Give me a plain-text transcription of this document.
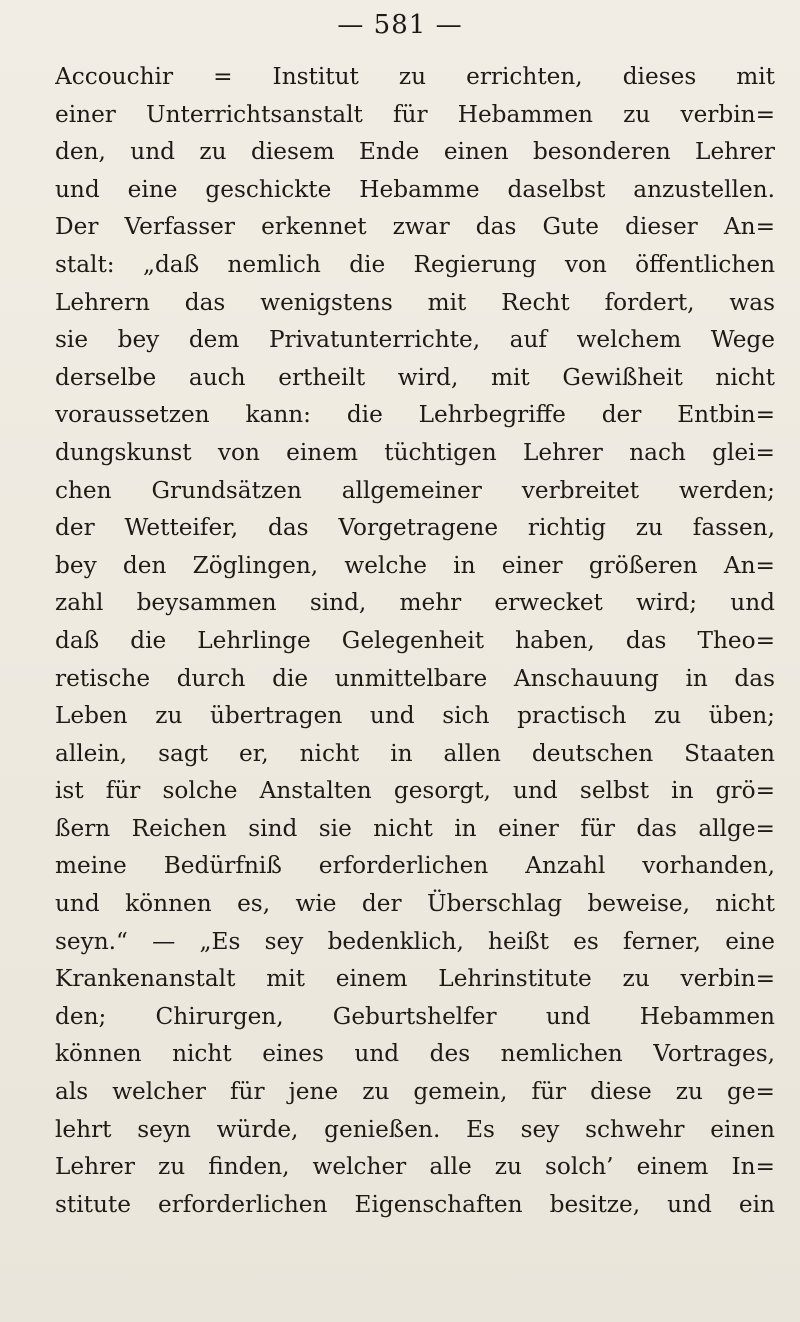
— 581 —
Accouchir = Institut zu errichten, dieses mit
einer Unterrichtsanstalt für Hebammen zu verbin=
den, und zu diesem Ende einen besonderen Lehrer
und eine geschickte Hebamme daselbst anzustellen.
Der Verfasser erkennet zwar das Gute dieser An=
stalt: „daß nemlich die Regierung von öffentlichen
Lehrern das wenigstens mit Recht fordert, was
sie bey dem Privatunterrichte, auf welchem Wege
derselbe auch ertheilt wird, mit Gewißheit nicht
voraussetzen kann: die Lehrbegriffe der Entbin=
dungskunst von einem tüchtigen Lehrer nach glei=
chen Grundsätzen allgemeiner verbreitet werden;
der Wetteifer, das Vorgetragene richtig zu fassen,
bey den Zöglingen, welche in einer größeren An=
zahl beysammen sind, mehr erwecket wird; und
daß die Lehrlinge Gelegenheit haben, das Theo=
retische durch die unmittelbare Anschauung in das
Leben zu übertragen und sich practisch zu üben;
allein, sagt er, nicht in allen deutschen Staaten
ist für solche Anstalten gesorgt, und selbst in grö=
ßern Reichen sind sie nicht in einer für das allge=
meine Bedürfniß erforderlichen Anzahl vorhanden,
und können es, wie der Überschlag beweise, nicht
seyn.“ — „Es sey bedenklich, heißt es ferner, eine
Krankenanstalt mit einem Lehrinstitute zu verbin=
den; Chirurgen, Geburtshelfer und Hebammen
können nicht eines und des nemlichen Vortrages,
als welcher für jene zu gemein, für diese zu ge=
lehrt seyn würde, genießen. Es sey schwehr einen
Lehrer zu finden, welcher alle zu solch’ einem In=
stitute erforderlichen Eigenschaften besitze, und ein
